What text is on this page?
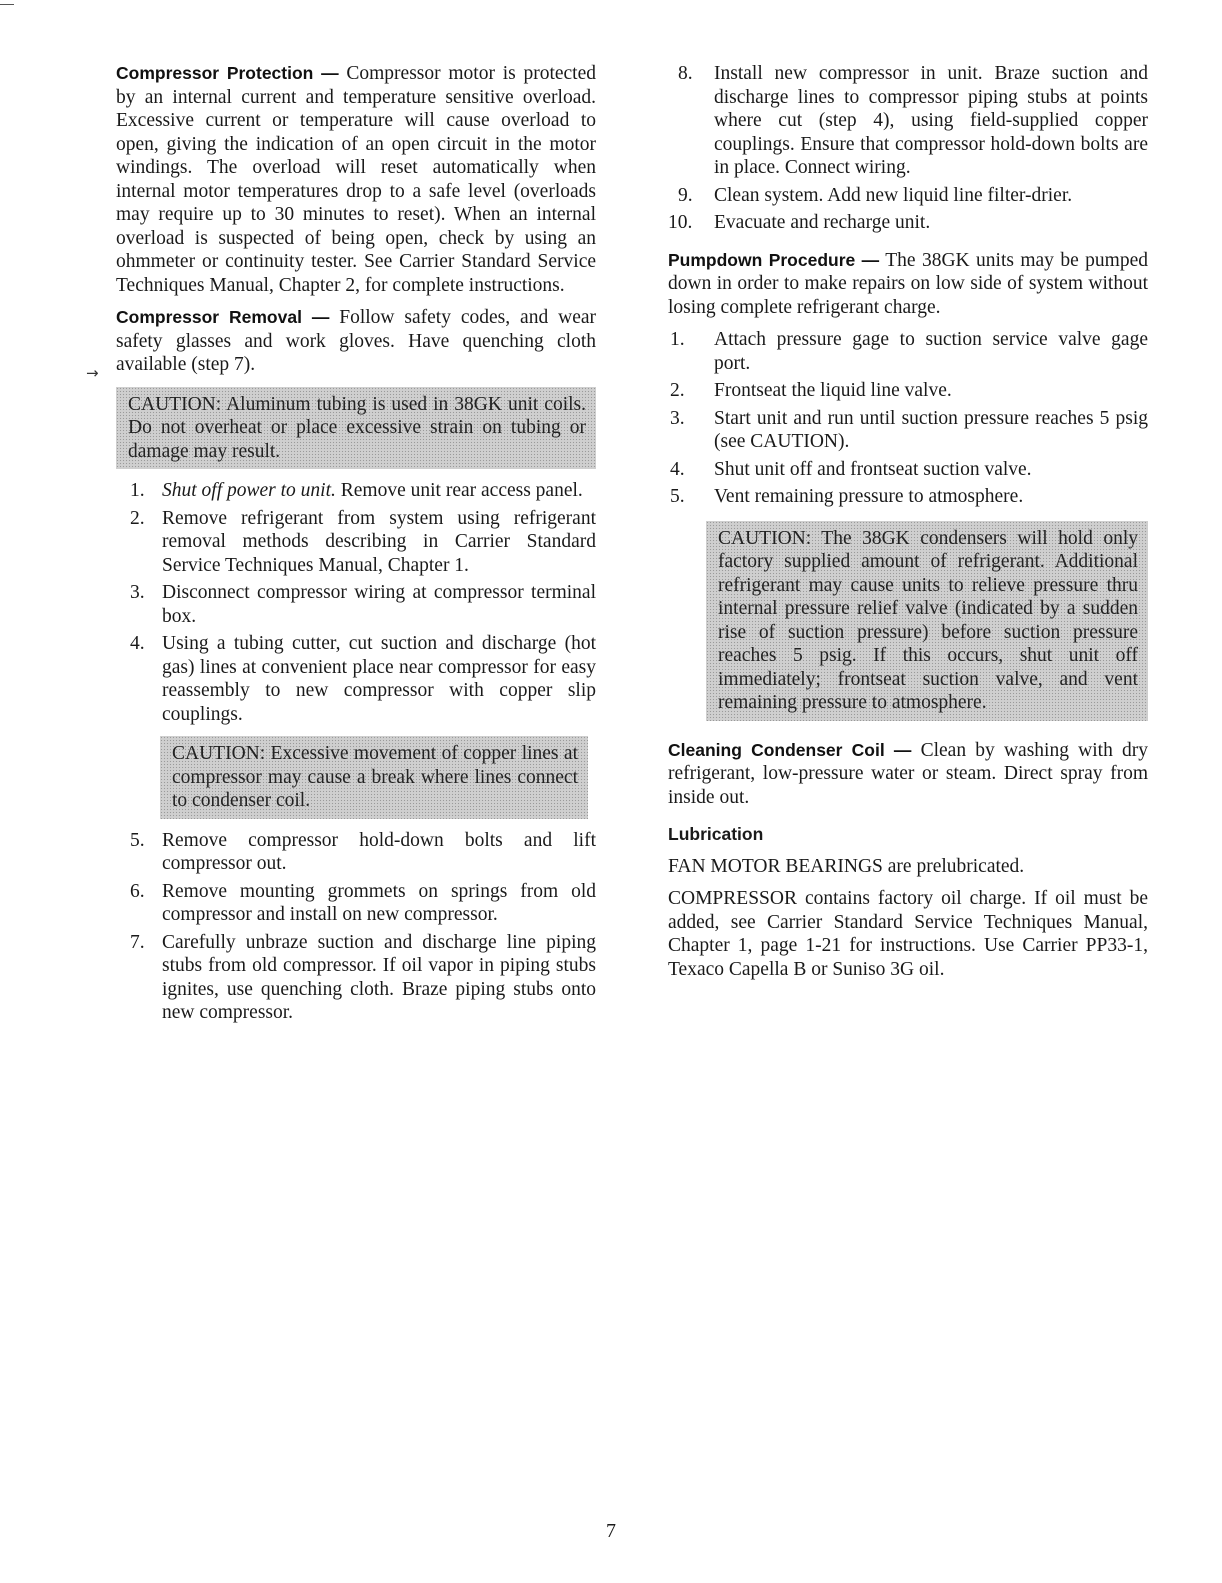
→

Compressor Protection — Compressor motor is protected by an internal current and temperature sensitive overload. Excessive current or temperature will cause overload to open, giving the indication of an open circuit in the motor windings. The overload will reset automatically when internal motor temperatures drop to a safe level (overloads may require up to 30 minutes to reset). When an internal overload is suspected of being open, check by using an ohmmeter or continuity tester. See Carrier Standard Service Techniques Manual, Chapter 2, for complete instructions.

Compressor Removal — Follow safety codes, and wear safety glasses and work gloves. Have quenching cloth available (step 7).

CAUTION: Aluminum tubing is used in 38GK unit coils. Do not overheat or place excessive strain on tubing or damage may result.
1. Shut off power to unit. Remove unit rear access panel.
2. Remove refrigerant from system using refrigerant removal methods describing in Carrier Standard Service Techniques Manual, Chapter 1.
3. Disconnect compressor wiring at compressor terminal box.
4. Using a tubing cutter, cut suction and discharge (hot gas) lines at convenient place near compressor for easy reassembly to new compressor with copper slip couplings.
CAUTION: Excessive movement of copper lines at compressor may cause a break where lines connect to condenser coil.
5. Remove compressor hold-down bolts and lift compressor out.
6. Remove mounting grommets on springs from old compressor and install on new compressor.
7. Carefully unbraze suction and discharge line piping stubs from old compressor. If oil vapor in piping stubs ignites, use quenching cloth. Braze piping stubs onto new compressor.
8. Install new compressor in unit. Braze suction and discharge lines to compressor piping stubs at points where cut (step 4), using field-supplied copper couplings. Ensure that compressor hold-down bolts are in place. Connect wiring.
9. Clean system. Add new liquid line filter-drier.
10. Evacuate and recharge unit.

Pumpdown Procedure — The 38GK units may be pumped down in order to make repairs on low side of system without losing complete refrigerant charge.

1. Attach pressure gage to suction service valve gage port.
2. Frontseat the liquid line valve.
3. Start unit and run until suction pressure reaches 5 psig (see CAUTION).
4. Shut unit off and frontseat suction valve.
5. Vent remaining pressure to atmosphere.
CAUTION: The 38GK condensers will hold only factory supplied amount of refrigerant. Additional refrigerant may cause units to relieve pressure thru internal pressure relief valve (indicated by a sudden rise of suction pressure) before suction pressure reaches 5 psig. If this occurs, shut unit off immediately; frontseat suction valve, and vent remaining pressure to atmosphere.

Cleaning Condenser Coil — Clean by washing with dry refrigerant, low-pressure water or steam. Direct spray from inside out.

Lubrication

FAN MOTOR BEARINGS are prelubricated.

COMPRESSOR contains factory oil charge. If oil must be added, see Carrier Standard Service Techniques Manual, Chapter 1, page 1-21 for instructions. Use Carrier PP33-1, Texaco Capella B or Suniso 3G oil.

7
